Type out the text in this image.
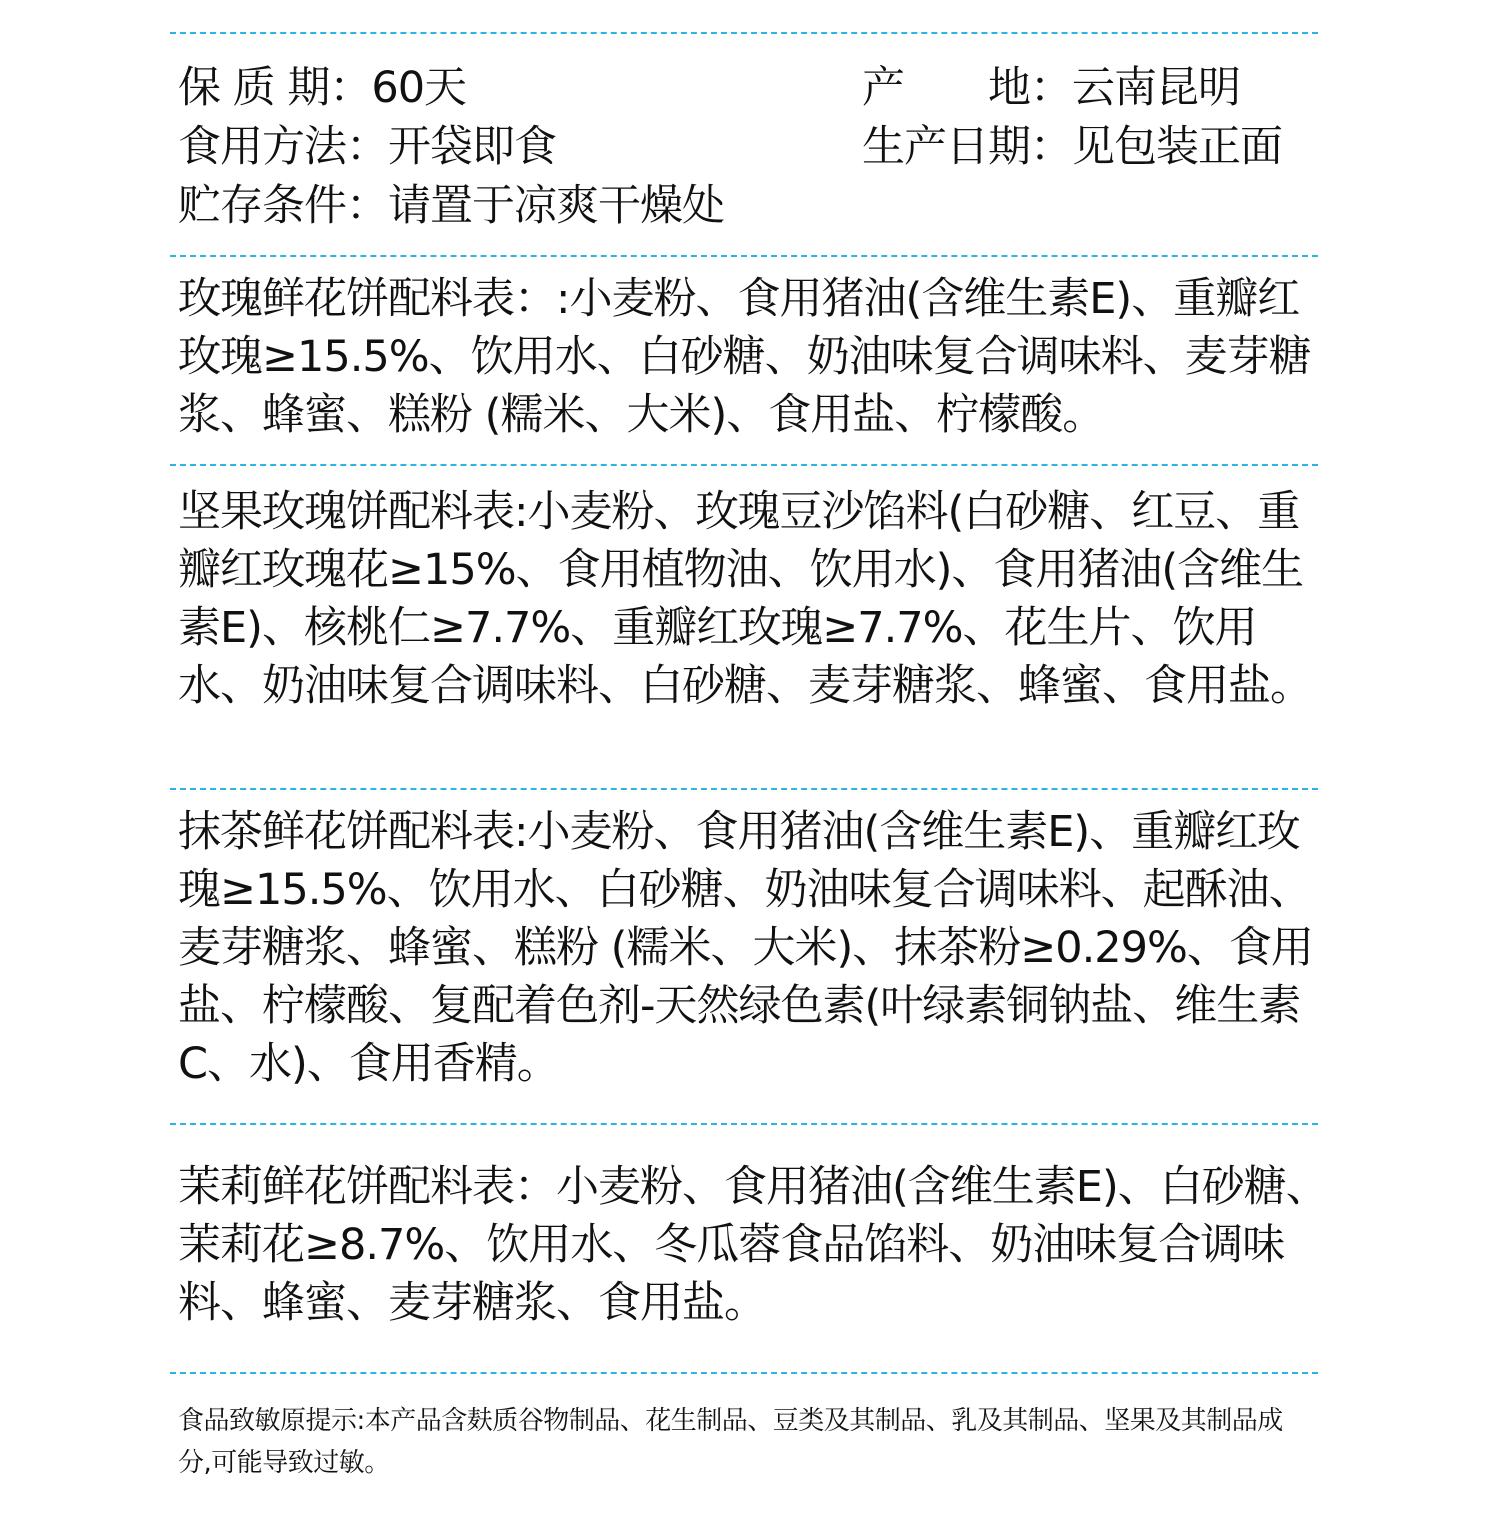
保 质 期：60天	产　　地：云南昆明
食用方法：开袋即食	生产日期：见包装正面
贮存条件：请置于凉爽干燥处

玫瑰鲜花饼配料表：:小麦粉、食用猪油(含维生素E)、重瓣红玫瑰≥15.5%、饮用水、白砂糖、奶油味复合调味料、麦芽糖浆、蜂蜜、糕粉 (糯米、大米)、食用盐、柠檬酸。

坚果玫瑰饼配料表:小麦粉、玫瑰豆沙馅料(白砂糖、红豆、重瓣红玫瑰花≥15%、食用植物油、饮用水)、食用猪油(含维生素E)、核桃仁≥7.7%、重瓣红玫瑰≥7.7%、花生片、饮用水、奶油味复合调味料、白砂糖、麦芽糖浆、蜂蜜、食用盐。

抹茶鲜花饼配料表:小麦粉、食用猪油(含维生素E)、重瓣红玫瑰≥15.5%、饮用水、白砂糖、奶油味复合调味料、起酥油、麦芽糖浆、蜂蜜、糕粉 (糯米、大米)、抹茶粉≥0.29%、食用盐、柠檬酸、复配着色剂-天然绿色素(叶绿素铜钠盐、维生素C、水)、食用香精。

茉莉鲜花饼配料表：小麦粉、食用猪油(含维生素E)、白砂糖、茉莉花≥8.7%、饮用水、冬瓜蓉食品馅料、奶油味复合调味料、蜂蜜、麦芽糖浆、食用盐。

食品致敏原提示:本产品含麸质谷物制品、花生制品、豆类及其制品、乳及其制品、坚果及其制品成分,可能导致过敏。
